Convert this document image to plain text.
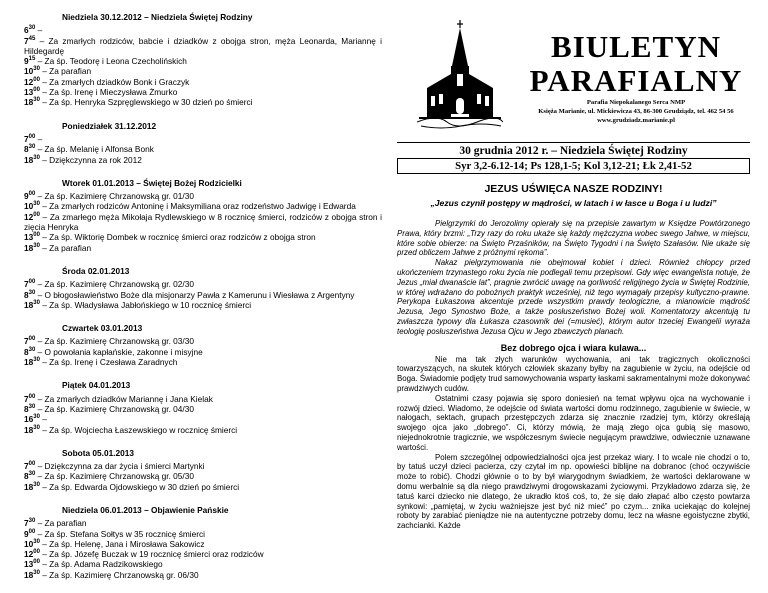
Niedziela 30.12.2012 – Niedziela Świętej Rodziny
$6^{30}$ –
$7^{45}$ – Za zmarłych rodziców, babcie i dziadków z obojga stron, męża Leonarda, Mariannę i Hildegardę
$9^{15}$ – Za śp. Teodorę i Leona Czecholińskich
$10^{30}$ – Za parafian
$12^{00}$ – Za zmarłych dziadków Bonk i Graczyk
$13^{00}$ – Za śp. Irenę i Mieczysława Żmurko
$18^{30}$ – Za śp. Henryka Szpręglewskiego w 30 dzień po śmierci
Poniedziałek 31.12.2012
$7^{00}$ –
$8^{30}$ – Za śp. Melanię i Alfonsa Bonk
$18^{30}$ – Dziękczynna za rok 2012
Wtorek 01.01.2013 – Świętej Bożej Rodzicielki
$9^{00}$ – Za śp. Kazimierę Chrzanowską gr. 01/30
$10^{30}$ – Za zmarłych rodziców Antoninę i Maksymiliana oraz rodzeństwo Jadwigę i Edwarda
$12^{00}$ – Za zmarłego męża Mikołaja Rydlewskiego w 8 rocznicę śmierci, rodziców z obojga stron i zięcia Henryka
$13^{00}$ – Za śp. Wiktorię Dombek w rocznicę śmierci oraz rodziców z obojga stron
$18^{30}$ – Za parafian
Środa 02.01.2013
$7^{00}$ – Za śp. Kazimierę Chrzanowską gr. 02/30
$8^{30}$ – O błogosławieństwo Boże dla misjonarzy Pawła z Kamerunu i Wiesława z Argentyny
$18^{30}$ – Za śp. Władysława Jabłońskiego w 10 rocznicę śmierci
Czwartek 03.01.2013
$7^{00}$ – Za śp. Kazimierę Chrzanowską gr. 03/30
$8^{30}$ – O powołania kapłańskie, zakonne i misyjne
$18^{30}$ – Za śp. Irenę i Czesława Zaradnych
Piątek 04.01.2013
$7^{00}$ – Za zmarłych dziadków Mariannę i Jana Kielak
$8^{30}$ – Za śp. Kazimierę Chrzanowską gr. 04/30
$16^{30}$ –
$18^{30}$ – Za śp. Wojciecha Łaszewskiego w rocznicę śmierci
Sobota 05.01.2013
$7^{00}$ – Dziękczynna za dar życia i śmierci Martynki
$8^{30}$ – Za śp. Kazimierę Chrzanowską gr. 05/30
$18^{30}$ – Za śp. Edwarda Ojdowskiego w 30 dzień po śmierci
Niedziela 06.01.2013 – Objawienie Pańskie
$7^{30}$ – Za parafian
$9^{00}$ – Za śp. Stefana Sołtys w 35 rocznicę śmierci
$10^{30}$ – Za śp. Helenę, Jana i Mirosława Sakowicz
$12^{00}$ – Za śp. Józefę Buczak w 19 rocznicę śmierci oraz rodziców
$13^{00}$ – Za śp. Adama Radzikowskiego
$18^{30}$ – Za śp. Kazimierę Chrzanowską gr. 06/30
BIULETYN
PARAFIALNY
Parafia Niepokalanego Serca NMP
Księża Marianie, ul. Mickiewicza 43, 86-300 Grudziądz, tel. 462 54 56
www.grudziadz.marianie.pl
30 grudnia 2012 r. – Niedziela Świętej Rodziny
Syr 3,2-6.12-14; Ps 128,1-5; Kol 3,12-21; Łk 2,41-52
JEZUS UŚWIĘCA NASZE RODZINY!
„Jezus czynił postępy w mądrości, w latach i w łasce u Boga i u ludzi”
Pielgrzymki do Jerozolimy opierały się na przepisie zawartym w Księdze Powtórzonego Prawa, który brzmi: „Trzy razy do roku ukaże się każdy mężczyzna wobec swego Jahwe, w miejscu, które sobie obierze: na Święto Przaśników, na Święto Tygodni i na Święto Szałasów. Nie ukaże się przed obliczem Jahwe z próżnymi rękoma”.
Nakaz pielgrzymowania nie obejmował kobiet i dzieci. Również chłopcy przed ukończeniem trzynastego roku życia nie podlegali temu przepisowi. Gdy więc ewangelista notuje, że Jezus „miał dwanaście lat”, pragnie zwrócić uwagę na gorliwość religijnego życia w Świętej Rodzinie, w której wdrażano do pobożnych praktyk wcześniej, niż tego wymagały przepisy kultyczno-prawne. Perykopa Łukaszowa akcentuje przede wszystkim prawdy teologiczne, a mianowicie mądrość Jezusa, Jego Synostwo Boże, a także posłuszeństwo Bożej woli. Komentatorzy akcentują tu zwłaszcza typowy dla Łukasza czasownik dei (=musieć), którym autor trzeciej Ewangelii wyraża teologię posłuszeństwa Jezusa Ojcu w Jego zbawczych planach.
Bez dobrego ojca i wiara kulawa...

Nie ma tak złych warunków wychowania, ani tak tragicznych okoliczności towarzyszących, na skutek których człowiek skazany byłby na zagubienie w życiu, na odejście od Boga. Świadomie podjęty trud samowychowania wsparty łaskami sakramentalnymi może dokonywać prawdziwych cudów.

Ostatnimi czasy pojawia się sporo doniesień na temat wpływu ojca na wychowanie i rozwój dzieci. Wiadomo, że odejście od świata wartości domu rodzinnego, zagubienie w świecie, w nałogach, sektach, grupach przestępczych zdarza się znacznie rzadziej tym, którzy określają swojego ojca jako „dobrego”. Ci, którzy mówią, że mają złego ojca gubią się masowo, niejednokrotnie tragicznie, we współczesnym świecie negującym prawdziwe, odwiecznie uznawane wartości.

Polem szczególnej odpowiedzialności ojca jest przekaz wiary. I to wcale nie chodzi o to, by tatuś uczył dzieci pacierza, czy czytał im np. opowieści biblijne na dobranoc (choć oczywiście może to robić). Chodzi głównie o to by był wiarygodnym świadkiem, że wartości deklarowane w domu werbalnie są dla niego prawdziwymi drogowskazami życiowymi. Przykładowo zdarza się, że tatuś karci dziecko nie dlatego, że ukradło ktoś coś, to, że się dało złapać albo często powtarza synkowi: „pamiętaj, w życiu ważniejsze jest być niż mieć” po czym... znika uciekając do kolejnej roboty by zarabiać pieniądze nie na autentyczne potrzeby domu, lecz na własne egoistyczne zbytki, zachcianki. Każde
